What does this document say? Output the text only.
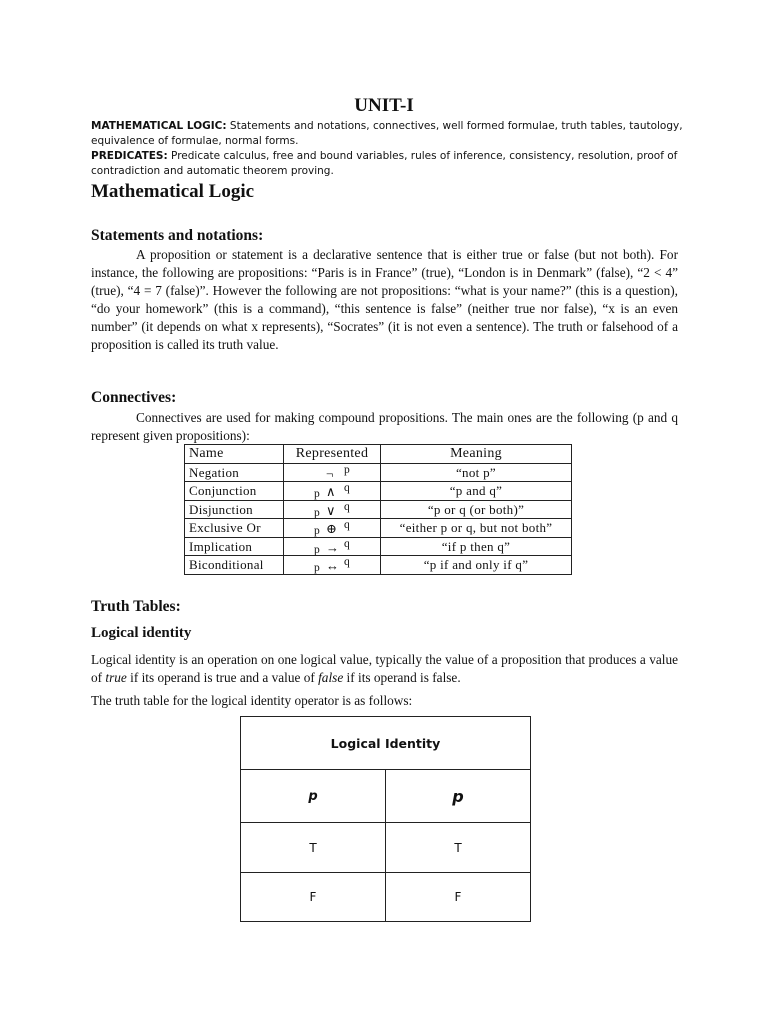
UNIT-I
MATHEMATICAL LOGIC: Statements and notations, connectives, well formed formulae, truth tables, tautology, equivalence of formulae, normal forms.
PREDICATES: Predicate calculus, free and bound variables, rules of inference, consistency, resolution, proof of contradiction and automatic theorem proving.
Mathematical Logic
Statements and notations:
A proposition or statement is a declarative sentence that is either true or false (but not both). For instance, the following are propositions: “Paris is in France” (true), “London is in Denmark” (false), “2 < 4” (true), “4 = 7 (false)”. However the following are not propositions: “what is your name?” (this is a question), “do your homework” (this is a command), “this sentence is false” (neither true nor false), “x is an even number” (it depends on what x represents), “Socrates” (it is not even a sentence). The truth or falsehood of a proposition is called its truth value.
Connectives:
Connectives are used for making compound propositions. The main ones are the following (p and q represent given propositions):
Name	Represented	Meaning
Negation	¬ p	“not p”
Conjunction	p ∧ q	“p and q”
Disjunction	p ∨ q	“p or q (or both)”
Exclusive Or	p ⊕ q	“either p or q, but not both”
Implication	p → q	“if p then q”
Biconditional	p ↔ q	“p if and only if q”
Truth Tables:
Logical identity
Logical identity is an operation on one logical value, typically the value of a proposition that produces a value of true if its operand is true and a value of false if its operand is false.
The truth table for the logical identity operator is as follows:
Logical Identity	
p	p
T	T
F	F
